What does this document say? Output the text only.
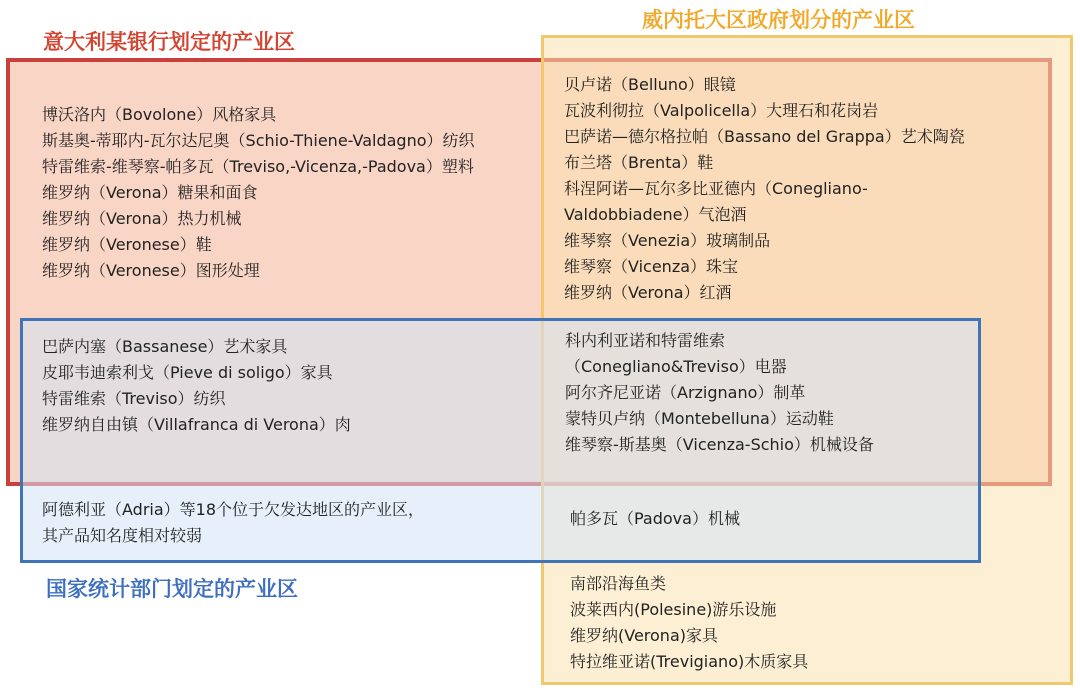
意大利某银行划定的产业区
威内托大区政府划分的产业区
国家统计部门划定的产业区
博沃洛内（Bovolone）风格家具
斯基奥-蒂耶内-瓦尔达尼奥（Schio-Thiene-Valdagno）纺织
特雷维索-维琴察-帕多瓦（Treviso,-Vicenza,-Padova）塑料
维罗纳（Verona）糖果和面食
维罗纳（Verona）热力机械
维罗纳（Veronese）鞋
维罗纳（Veronese）图形处理
贝卢诺（Belluno）眼镜
瓦波利彻拉（Valpolicella）大理石和花岗岩
巴萨诺—德尔格拉帕（Bassano del Grappa）艺术陶瓷
布兰塔（Brenta）鞋
科涅阿诺—瓦尔多比亚德内（Conegliano-
Valdobbiadene）气泡酒
维琴察（Venezia）玻璃制品
维琴察（Vicenza）珠宝
维罗纳（Verona）红酒
巴萨内塞（Bassanese）艺术家具
皮耶韦迪索利戈（Pieve di soligo）家具
特雷维索（Treviso）纺织
维罗纳自由镇（Villafranca di Verona）肉
科内利亚诺和特雷维索
（Conegliano&Treviso）电器
阿尔齐尼亚诺（Arzignano）制革
蒙特贝卢纳（Montebelluna）运动鞋
维琴察-斯基奥（Vicenza-Schio）机械设备
阿德利亚（Adria）等18个位于欠发达地区的产业区，
其产品知名度相对较弱
帕多瓦（Padova）机械
南部沿海鱼类
波莱西内(Polesine)游乐设施
维罗纳(Verona)家具
特拉维亚诺(Trevigiano)木质家具
